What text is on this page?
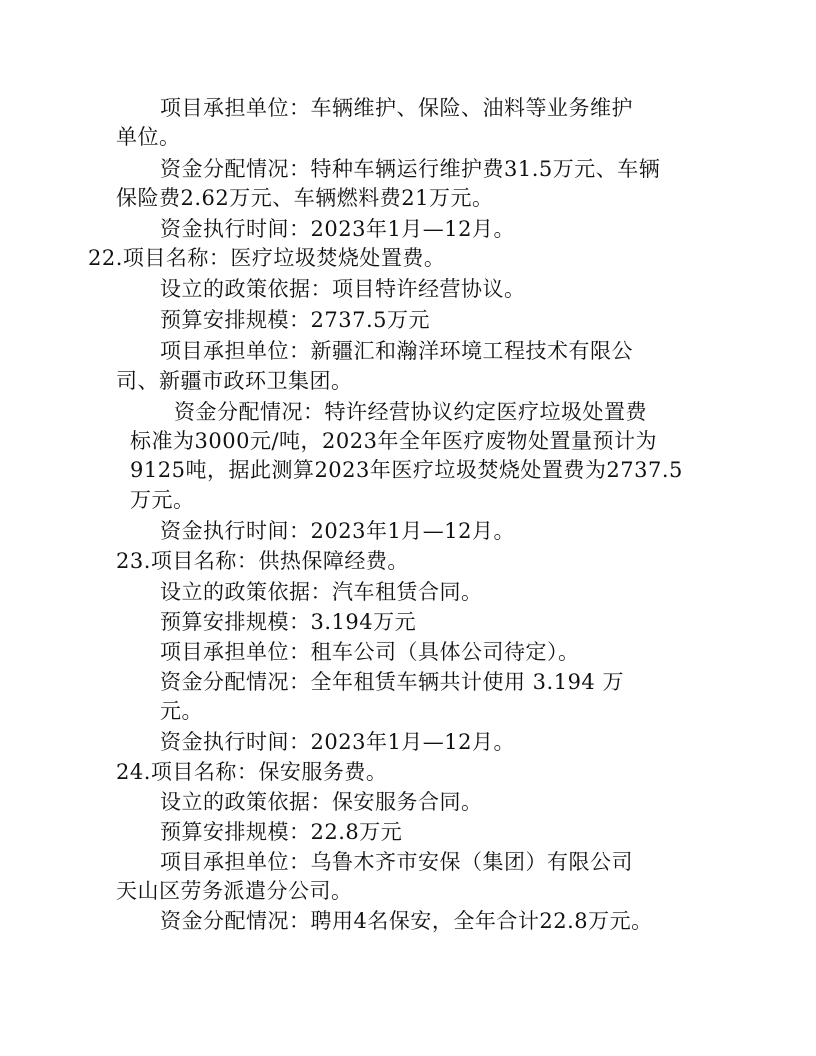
项目承担单位：车辆维护、保险、油料等业务维护
单位。
资金分配情况：特种车辆运行维护费31.5万元、车辆
保险费2.62万元、车辆燃料费21万元。
资金执行时间：2023年1月—12月。
22.项目名称：医疗垃圾焚烧处置费。
设立的政策依据：项目特许经营协议。
预算安排规模：2737.5万元
项目承担单位：新疆汇和瀚洋环境工程技术有限公
司、新疆市政环卫集团。
资金分配情况：特许经营协议约定医疗垃圾处置费
标准为3000元/吨，2023年全年医疗废物处置量预计为
9125吨，据此测算2023年医疗垃圾焚烧处置费为2737.5
万元。
资金执行时间：2023年1月—12月。
23.项目名称：供热保障经费。
设立的政策依据：汽车租赁合同。
预算安排规模：3.194万元
项目承担单位：租车公司（具体公司待定）。
资金分配情况：全年租赁车辆共计使用 3.194 万
元。
资金执行时间：2023年1月—12月。
24.项目名称：保安服务费。
设立的政策依据：保安服务合同。
预算安排规模：22.8万元
项目承担单位：乌鲁木齐市安保（集团）有限公司
天山区劳务派遣分公司。
资金分配情况：聘用4名保安，全年合计22.8万元。
